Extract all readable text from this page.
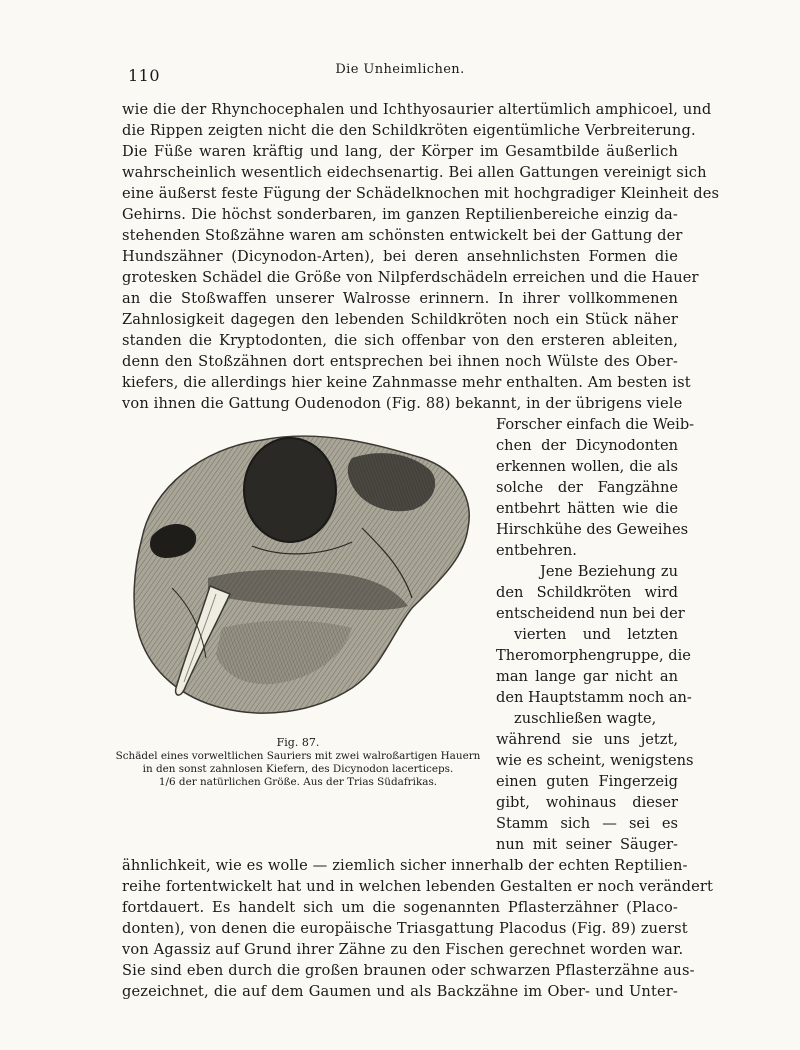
110	Die Unheimlichen.
wie die der Rhynchocephalen und Ichthyosaurier altertümlich amphicoel, und
die Rippen zeigten nicht die den Schildkröten eigentümliche Verbreiterung.
Die Füße waren kräftig und lang, der Körper im Gesamtbilde äußerlich
wahrscheinlich wesentlich eidechsenartig. Bei allen Gattungen vereinigt sich
eine äußerst feste Fügung der Schädelknochen mit hochgradiger Kleinheit des
Gehirns. Die höchst sonderbaren, im ganzen Reptilienbereiche einzig da-
stehenden Stoßzähne waren am schönsten entwickelt bei der Gattung der
Hundszähner (Dicynodon-Arten), bei deren ansehnlichsten Formen die
grotesken Schädel die Größe von Nilpferdschädeln erreichen und die Hauer
an die Stoßwaffen unserer Walrosse erinnern. In ihrer vollkommenen
Zahnlosigkeit dagegen den lebenden Schildkröten noch ein Stück näher
standen die Kryptodonten, die sich offenbar von den ersteren ableiten,
denn den Stoßzähnen dort entsprechen bei ihnen noch Wülste des Ober-
kiefers, die allerdings hier keine Zahnmasse mehr enthalten. Am besten ist
von ihnen die Gattung Oudenodon (Fig. 88) bekannt, in der übrigens viele
Forscher einfach die Weib-
chen der Dicynodonten
erkennen wollen, die als
solche der Fangzähne
entbehrt hätten wie die
Hirschkühe des Geweihes
entbehren.
Jene Beziehung zu
den Schildkröten wird
entscheidend nun bei der
vierten und letzten
Theromorphengruppe, die
man lange gar nicht an
den Hauptstamm noch an-
zuschließen wagte,
während sie uns jetzt,
wie es scheint, wenigstens
einen guten Fingerzeig
gibt, wohinaus dieser
Stamm sich — sei es
nun mit seiner Säuger-
ähnlichkeit, wie es wolle — ziemlich sicher innerhalb der echten Reptilien-
reihe fortentwickelt hat und in welchen lebenden Gestalten er noch verändert
fortdauert. Es handelt sich um die sogenannten Pflasterzähner (Placo-
donten), von denen die europäische Triasgattung Placodus (Fig. 89) zuerst
von Agassiz auf Grund ihrer Zähne zu den Fischen gerechnet worden war.
Sie sind eben durch die großen braunen oder schwarzen Pflasterzähne aus-
gezeichnet, die auf dem Gaumen und als Backzähne im Ober- und Unter-
Fig. 87.
Schädel eines vorweltlichen Sauriers mit zwei walroßartigen Hauern
in den sonst zahnlosen Kiefern, des Dicynodon lacerticeps.
1/6 der natürlichen Größe. Aus der Trias Südafrikas.
